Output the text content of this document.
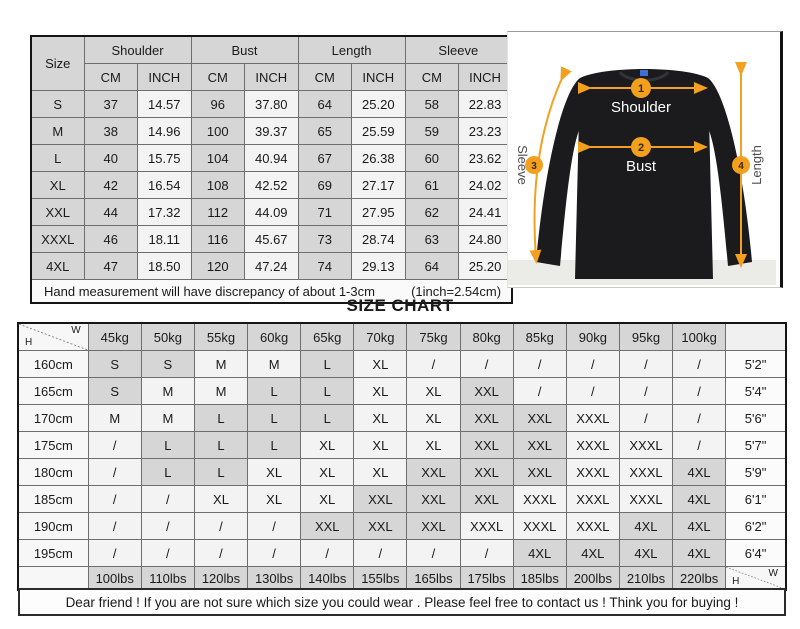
Size	Shoulder		Bust		Length		Sleeve	
	CM	INCH	CM	INCH	CM	INCH	CM	INCH
S	37	14.57	96	37.80	64	25.20	58	22.83
M	38	14.96	100	39.37	65	25.59	59	23.23
L	40	15.75	104	40.94	67	26.38	60	23.62
XL	42	16.54	108	42.52	69	27.17	61	24.02
XXL	44	17.32	112	44.09	71	27.95	62	24.41
XXXL	46	18.11	116	45.67	73	28.74	63	24.80
4XL	47	18.50	120	47.24	74	29.13	64	25.20

Hand measurement will have discrepancy of about 1-3cm (1inch=2.54cm)								
1
Shoulder
2
Bust
3
Sleeve	4 Length
SIZE CHART
W
H	45kg	50kg	55kg	60kg	65kg	70kg	75kg	80kg	85kg	90kg	95kg	100kg	
160cm	S	S	M	M	L	XL	/	/	/	/	/	/	5'2"
165cm	S	M	M	L	L	XL	XL	XXL	/	/	/	/	5'4"
170cm	M	M	L	L	L	XL	XL	XXL	XXL	XXXL	/	/	5'6"
175cm	/	L	L	L	XL	XL	XL	XXL	XXL	XXXL	XXXL	/	5'7"
180cm	/	L	L	XL	XL	XL	XXL	XXL	XXL	XXXL	XXXL	4XL	5'9"
185cm	/	/	XL	XL	XL	XXL	XXL	XXL	XXXL	XXXL	XXXL	4XL	6'1"
190cm	/	/	/	/	XXL	XXL	XXL	XXXL	XXXL	XXXL	4XL	4XL	6'2"
195cm	/	/	/	/	/	/	/	/	4XL	4XL	4XL	4XL	6'4"
	100lbs	110lbs	120lbs	130lbs	140lbs	155lbs	165lbs	175lbs	185lbs	200lbs	210lbs	220lbs	W
H
Dear friend ! If you are not sure which size you could wear . Please feel free to contact us ! Think you for buying !
